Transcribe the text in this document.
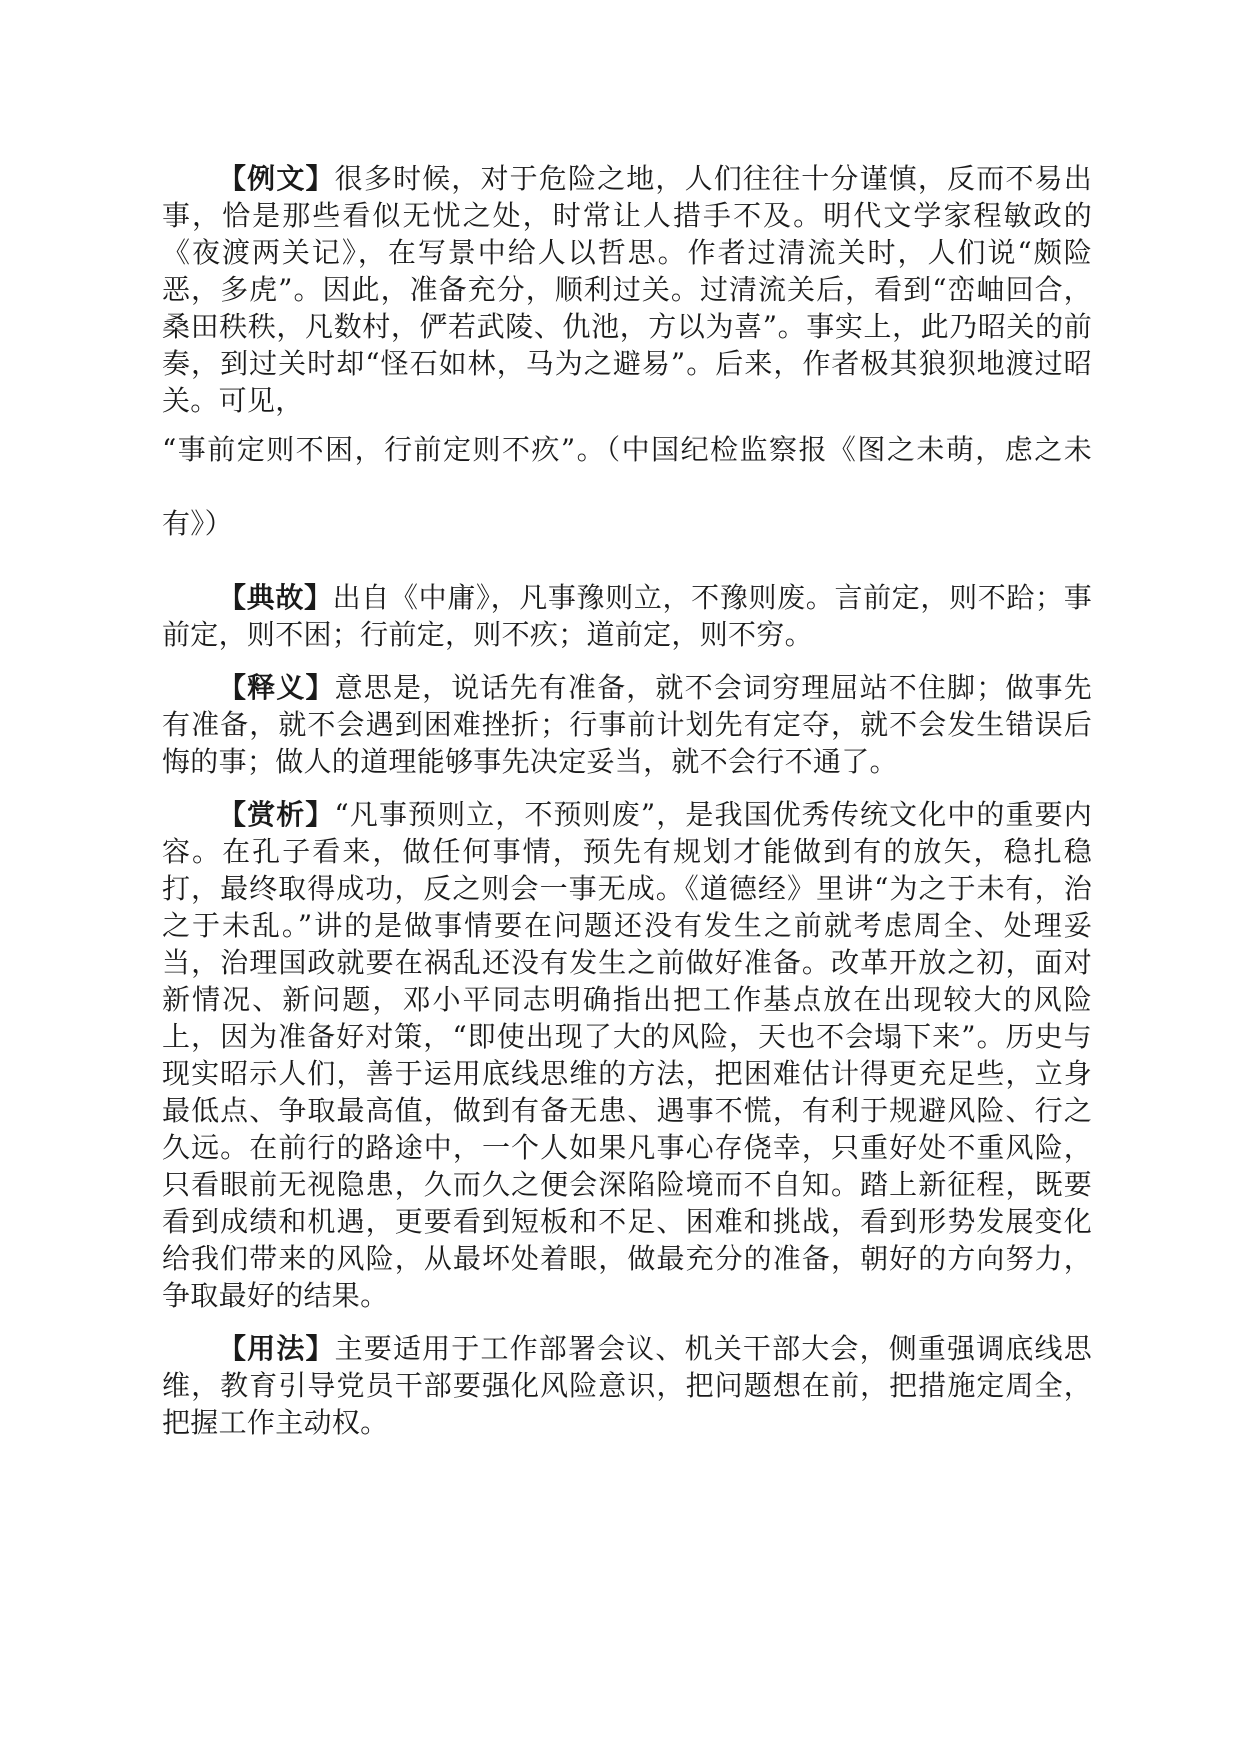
【例文】很多时候，对于危险之地，人们往往十分谨慎，反而不易出事，恰是那些看似无忧之处，时常让人措手不及。明代文学家程敏政的《夜渡两关记》，在写景中给人以哲思。作者过清流关时，人们说“颇险恶，多虎”。因此，准备充分，顺利过关。过清流关后，看到“峦岫回合，桑田秩秩，凡数村，俨若武陵、仇池，方以为喜”。事实上，此乃昭关的前奏，到过关时却“怪石如林，马为之避易”。后来，作者极其狼狈地渡过昭关。可见，
“事前定则不困，行前定则不疚”。（中国纪检监察报《图之未萌，虑之未有》）

【典故】出自《中庸》，凡事豫则立，不豫则废。言前定，则不跲；事前定，则不困；行前定，则不疚；道前定，则不穷。

【释义】意思是，说话先有准备，就不会词穷理屈站不住脚；做事先有准备，就不会遇到困难挫折；行事前计划先有定夺，就不会发生错误后悔的事；做人的道理能够事先决定妥当，就不会行不通了。

【赏析】“凡事预则立，不预则废”，是我国优秀传统文化中的重要内容。在孔子看来，做任何事情，预先有规划才能做到有的放矢，稳扎稳打，最终取得成功，反之则会一事无成。《道德经》里讲“为之于未有，治之于未乱。”讲的是做事情要在问题还没有发生之前就考虑周全、处理妥当，治理国政就要在祸乱还没有发生之前做好准备。改革开放之初，面对新情况、新问题，邓小平同志明确指出把工作基点放在出现较大的风险上，因为准备好对策，“即使出现了大的风险，天也不会塌下来”。历史与现实昭示人们，善于运用底线思维的方法，把困难估计得更充足些，立身最低点、争取最高值，做到有备无患、遇事不慌，有利于规避风险、行之久远。在前行的路途中，一个人如果凡事心存侥幸，只重好处不重风险，只看眼前无视隐患，久而久之便会深陷险境而不自知。踏上新征程，既要看到成绩和机遇，更要看到短板和不足、困难和挑战，看到形势发展变化给我们带来的风险，从最坏处着眼，做最充分的准备，朝好的方向努力，争取最好的结果。

【用法】主要适用于工作部署会议、机关干部大会，侧重强调底线思维，教育引导党员干部要强化风险意识，把问题想在前，把措施定周全，把握工作主动权。
